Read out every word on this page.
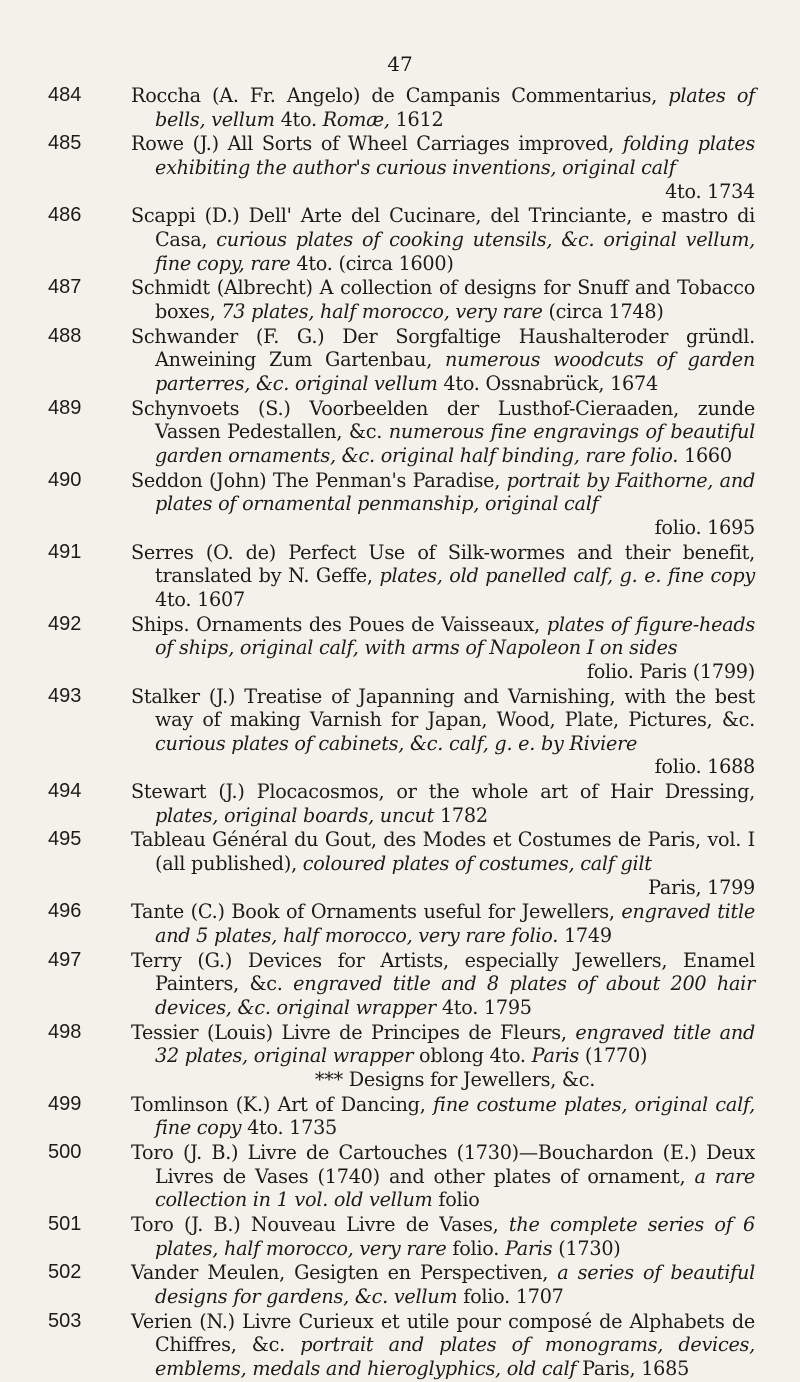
47
484	Roccha (A. Fr. Angelo) de Campanis Commentarius, plates of bells, vellum 4to. Romæ, 1612
485	Rowe (J.) All Sorts of Wheel Carriages improved, folding plates exhibiting the author's curious inventions, original calf
4to. 1734
486	Scappi (D.) Dell' Arte del Cucinare, del Trinciante, e mastro di Casa, curious plates of cooking utensils, &c. original vellum, fine copy, rare 4to. (circa 1600)
487	Schmidt (Albrecht) A collection of designs for Snuff and Tobacco boxes, 73 plates, half morocco, very rare (circa 1748)
488	Schwander (F. G.) Der Sorgfaltige Haushalteroder gründl. Anweining Zum Gartenbau, numerous woodcuts of garden parterres, &c. original vellum 4to. Ossnabrück, 1674
489	Schynvoets (S.) Voorbeelden der Lusthof-Cieraaden, zunde Vassen Pedestallen, &c. numerous fine engravings of beautiful garden ornaments, &c. original half binding, rare folio. 1660
490	Seddon (John) The Penman's Paradise, portrait by Faithorne, and plates of ornamental penmanship, original calf
folio. 1695
491	Serres (O. de) Perfect Use of Silk-wormes and their benefit, translated by N. Geffe, plates, old panelled calf, g. e. fine copy 4to. 1607
492	Ships. Ornaments des Poues de Vaisseaux, plates of figure-heads of ships, original calf, with arms of Napoleon I on sides
folio. Paris (1799)
493	Stalker (J.) Treatise of Japanning and Varnishing, with the best way of making Varnish for Japan, Wood, Plate, Pictures, &c. curious plates of cabinets, &c. calf, g. e. by Riviere
folio. 1688
494	Stewart (J.) Plocacosmos, or the whole art of Hair Dressing, plates, original boards, uncut 1782
495	Tableau Général du Gout, des Modes et Costumes de Paris, vol. I (all published), coloured plates of costumes, calf gilt
Paris, 1799
496	Tante (C.) Book of Ornaments useful for Jewellers, engraved title and 5 plates, half morocco, very rare folio. 1749
497	Terry (G.) Devices for Artists, especially Jewellers, Enamel Painters, &c. engraved title and 8 plates of about 200 hair devices, &c. original wrapper 4to. 1795
498	Tessier (Louis) Livre de Principes de Fleurs, engraved title and 32 plates, original wrapper oblong 4to. Paris (1770)
*** Designs for Jewellers, &c.
499	Tomlinson (K.) Art of Dancing, fine costume plates, original calf, fine copy 4to. 1735
500	Toro (J. B.) Livre de Cartouches (1730)—Bouchardon (E.) Deux Livres de Vases (1740) and other plates of ornament, a rare collection in 1 vol. old vellum folio
501	Toro (J. B.) Nouveau Livre de Vases, the complete series of 6 plates, half morocco, very rare folio. Paris (1730)
502	Vander Meulen, Gesigten en Perspectiven, a series of beautiful designs for gardens, &c. vellum folio. 1707
503	Verien (N.) Livre Curieux et utile pour composé de Alphabets de Chiffres, &c. portrait and plates of monograms, devices, emblems, medals and hieroglyphics, old calf Paris, 1685
